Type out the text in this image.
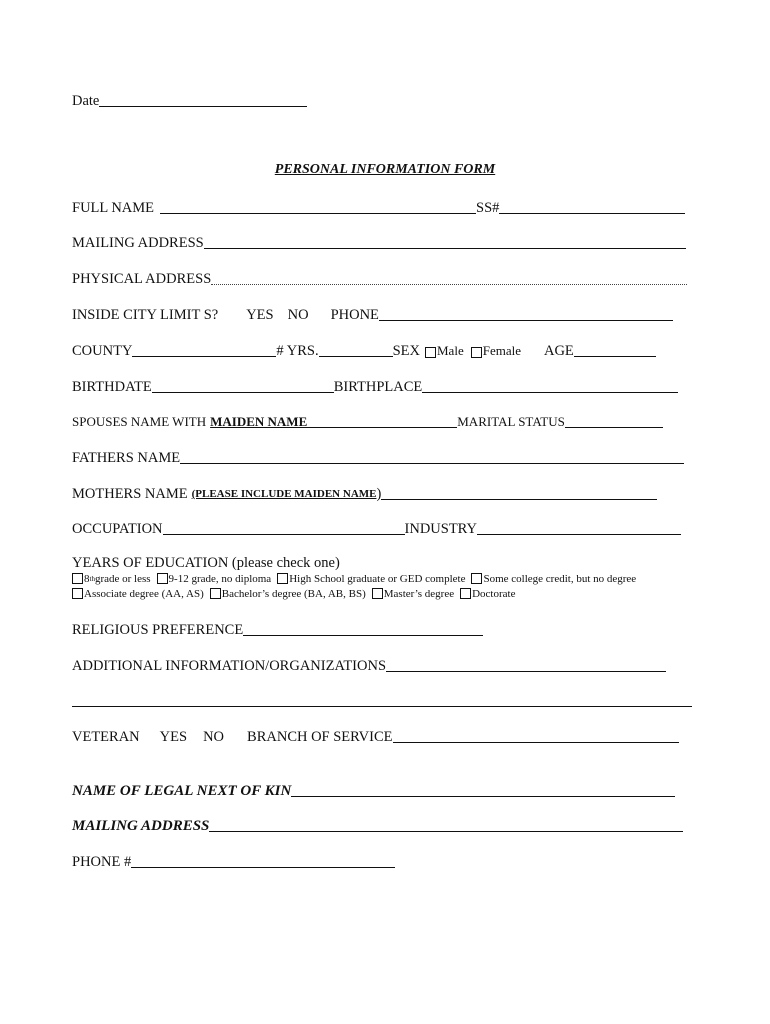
Date
PERSONAL INFORMATION FORM
FULL NAME	SS#
MAILING ADDRESS
PHYSICAL ADDRESS
INSIDE CITY LIMIT S? YES NO PHONE
COUNTY	# YRS.	SEX Male Female AGE
BIRTHDATE	BIRTHPLACE
SPOUSES NAME WITH MAIDEN NAME	MARITAL STATUS
FATHERS NAME
MOTHERS NAME (PLEASE INCLUDE MAIDEN NAME )
OCCUPATION	INDUSTRY
YEARS OF EDUCATION (please check one)
8 th grade or less 9-12 grade, no diploma High School graduate or GED complete Some college credit, but no degree
Associate degree (AA, AS) Bachelor’s degree (BA, AB, BS) Master’s degree Doctorate
RELIGIOUS PREFERENCE
ADDITIONAL INFORMATION/ORGANIZATIONS
VETERAN YES NO BRANCH OF SERVICE
NAME OF LEGAL NEXT OF KIN
MAILING ADDRESS
PHONE #
